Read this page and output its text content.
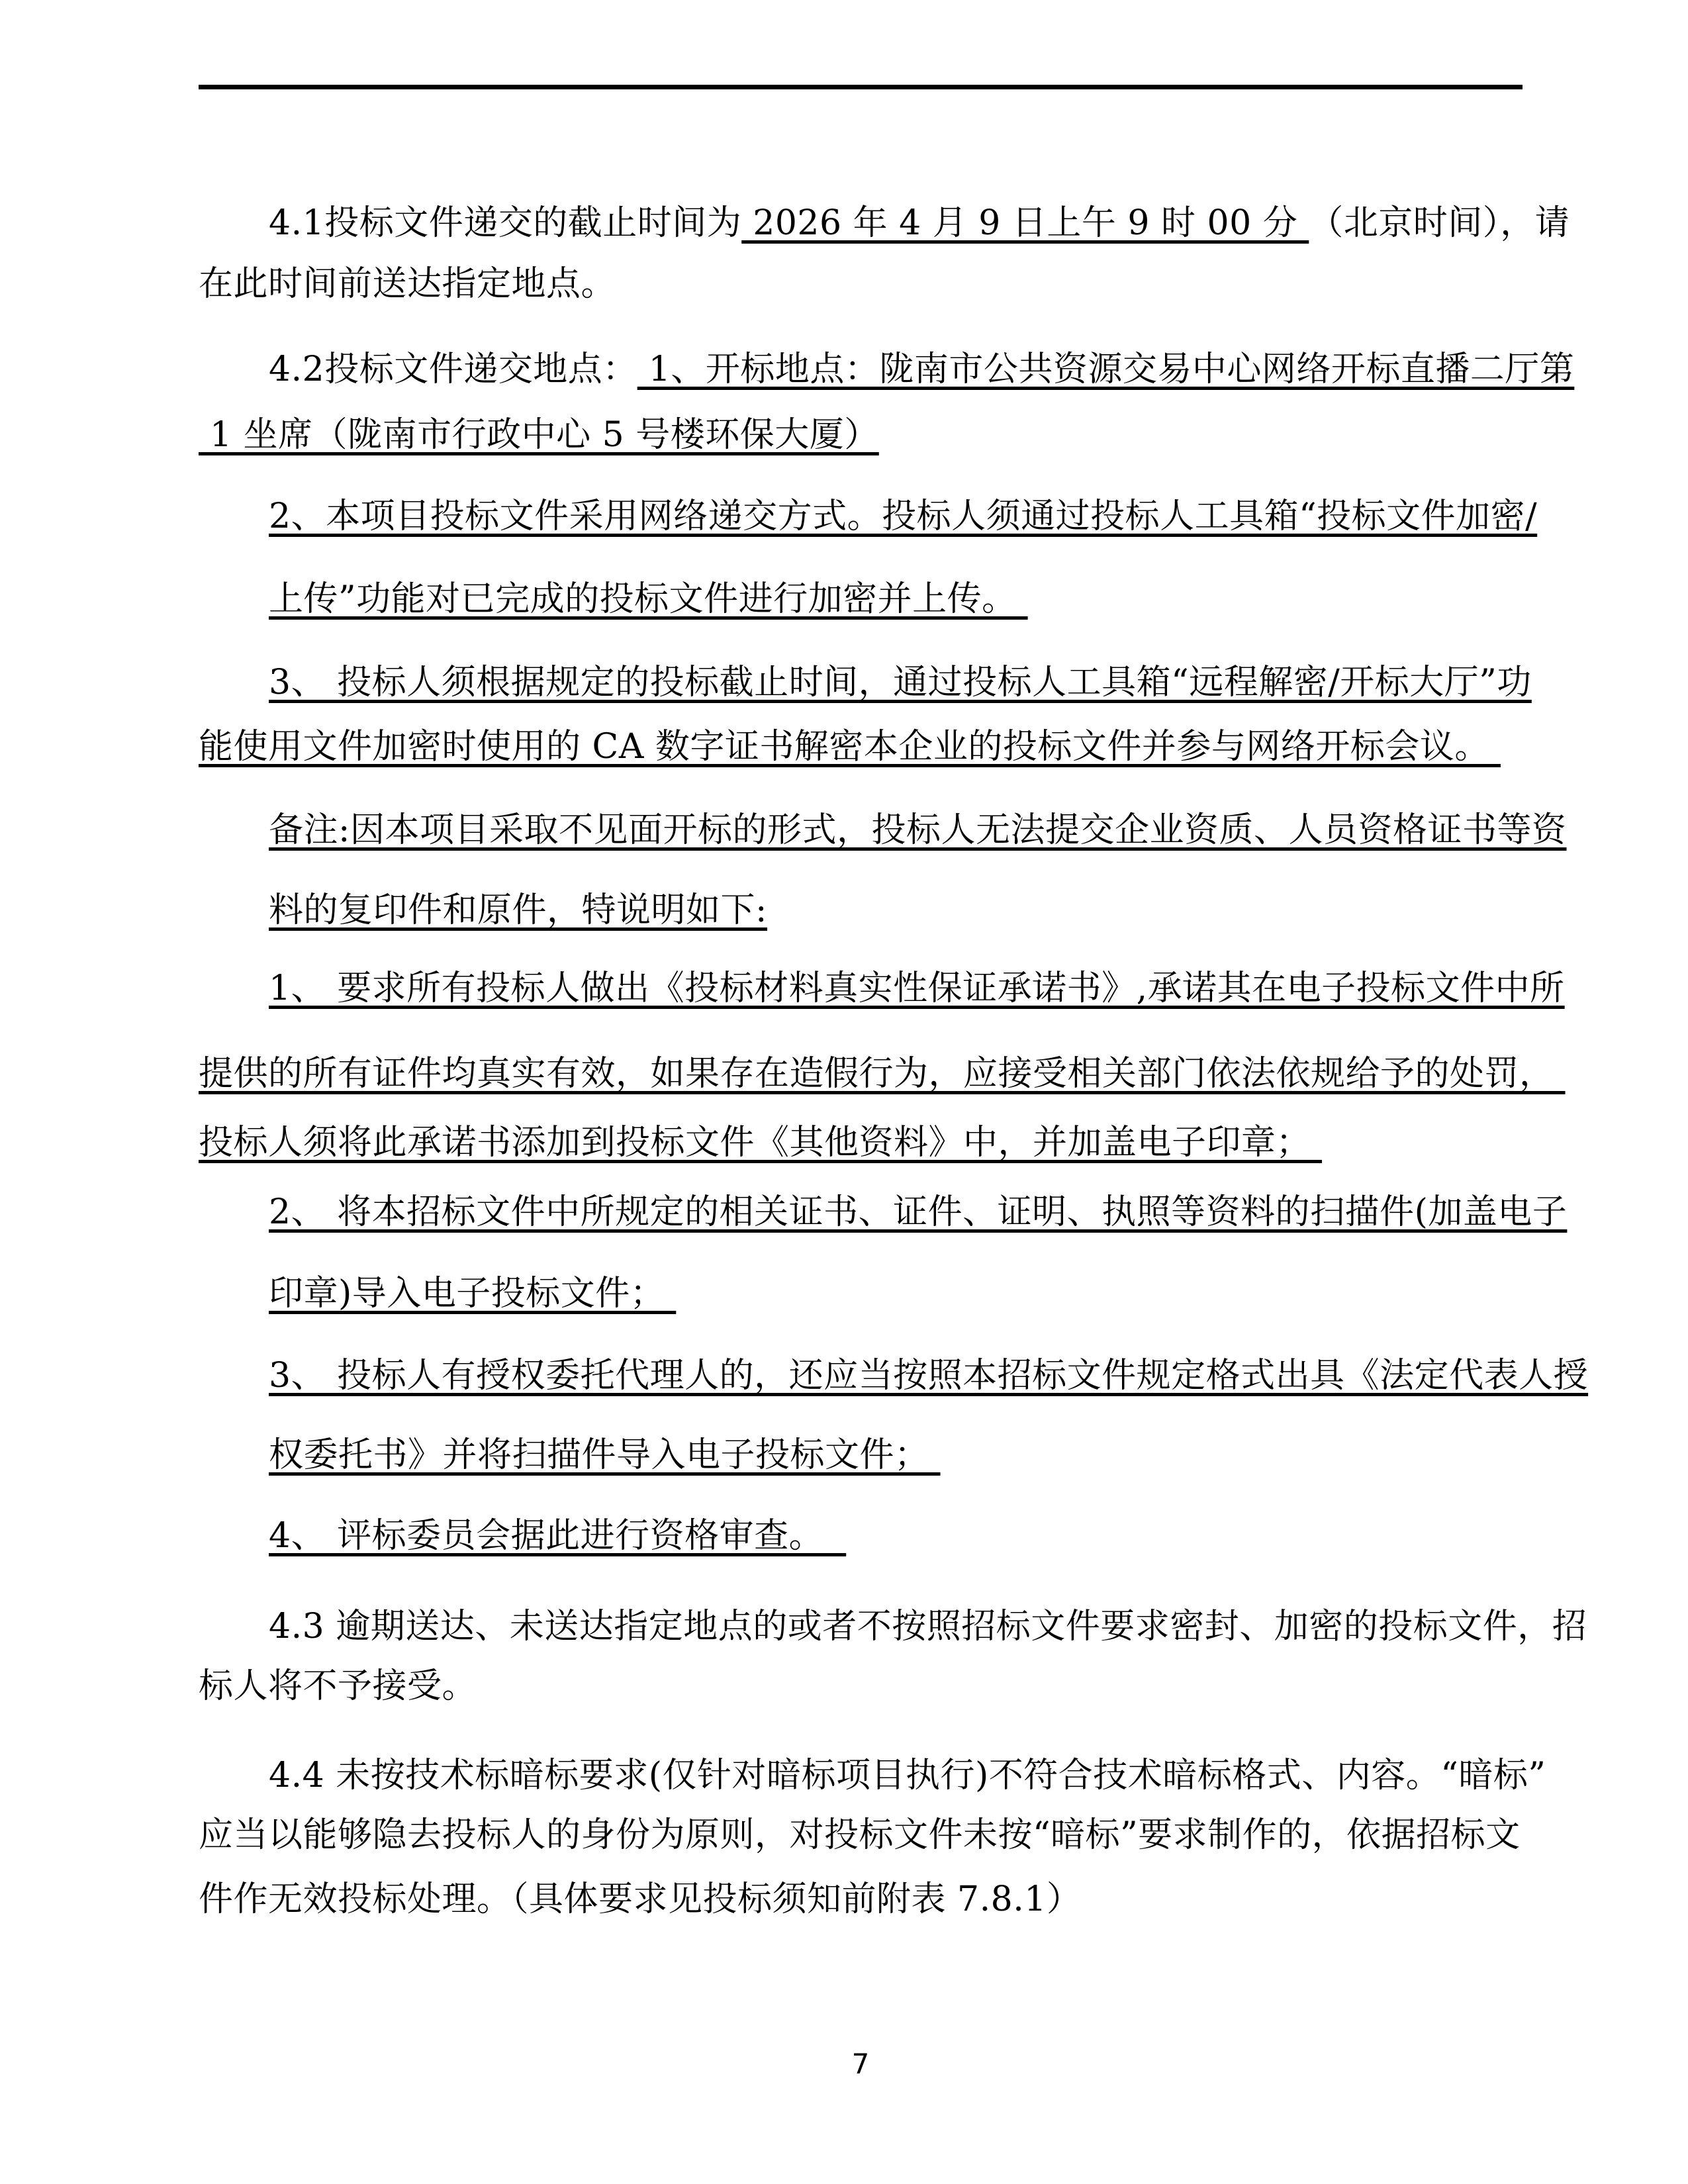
4.1投标文件递交的截止时间为 2026 年 4 月 9 日上午 9 时 00 分 （北京时间），请
在此时间前送达指定地点。
4.2投标文件递交地点： 1、开标地点：陇南市公共资源交易中心网络开标直播二厅第
1 坐席（陇南市行政中心 5 号楼环保大厦）
2、本项目投标文件采用网络递交方式。投标人须通过投标人工具箱“投标文件加密/
上传”功能对已完成的投标文件进行加密并上传。
3、 投标人须根据规定的投标截止时间，通过投标人工具箱“远程解密/开标大厅”功
能使用文件加密时使用的 CA 数字证书解密本企业的投标文件并参与网络开标会议。
备注:因本项目采取不见面开标的形式，投标人无法提交企业资质、人员资格证书等资
料的复印件和原件，特说明如下:
1、 要求所有投标人做出《投标材料真实性保证承诺书》,承诺其在电子投标文件中所
提供的所有证件均真实有效，如果存在造假行为，应接受相关部门依法依规给予的处罚，
投标人须将此承诺书添加到投标文件《其他资料》中，并加盖电子印章；
2、 将本招标文件中所规定的相关证书、证件、证明、执照等资料的扫描件(加盖电子
印章)导入电子投标文件；
3、 投标人有授权委托代理人的，还应当按照本招标文件规定格式出具《法定代表人授
权委托书》并将扫描件导入电子投标文件；
4、 评标委员会据此进行资格审查。
4.3 逾期送达、未送达指定地点的或者不按照招标文件要求密封、加密的投标文件，招
标人将不予接受。
4.4 未按技术标暗标要求(仅针对暗标项目执行)不符合技术暗标格式、内容。“暗标”
应当以能够隐去投标人的身份为原则，对投标文件未按“暗标”要求制作的，依据招标文
件作无效投标处理。（具体要求见投标须知前附表 7.8.1）
7
